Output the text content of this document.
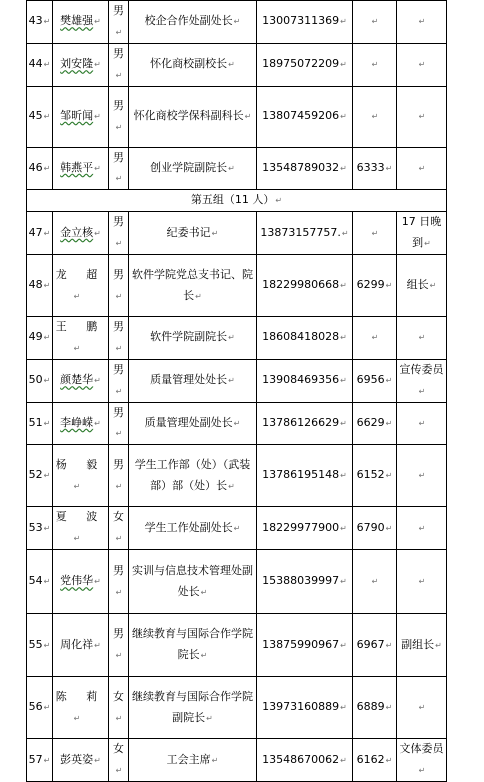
43↵	樊雄强↵	男↵	校企合作处副处长↵	13007311369↵	↵	↵
44↵	刘安隆↵	男↵	怀化商校副校长↵	18975072209↵	↵	↵
45↵	邹昕闻↵	男↵	怀化商校学保科副科长↵	13807459206↵	↵	↵
46↵	韩燕平↵	男↵	创业学院副院长↵	13548789032↵	6333↵	↵
第五组（11 人）↵						
47↵	金立核↵	男↵	纪委书记↵	13873157757.↵	↵	17 日晚到↵
48↵	龙 超↵	男↵	软件学院党总支书记、院长↵	18229980668↵	6299↵	组长↵
49↵	王 鹏↵	男↵	软件学院副院长↵	18608418028↵	↵	↵
50↵	颜楚华↵	男↵	质量管理处处长↵	13908469356↵	6956↵	宣传委员↵
51↵	李峥嵘↵	男↵	质量管理处副处长↵	13786126629↵	6629↵	↵
52↵	杨 毅↵	男↵	学生工作部（处）（武装部）部（处）长↵	13786195148↵	6152↵	↵
53↵	夏 波↵	女↵	学生工作处副处长↵	18229977900↵	6790↵	↵
54↵	党伟华↵	男↵	实训与信息技术管理处副处长↵	15388039997↵	↵	↵
55↵	周化祥↵	男↵	继续教育与国际合作学院院长↵	13875990967↵	6967↵	副组长↵
56↵	陈 莉↵	女↵	继续教育与国际合作学院副院长↵	13973160889↵	6889↵	↵
57↵	彭英姿↵	女↵	工会主席↵	13548670062↵	6162↵	文体委员↵
